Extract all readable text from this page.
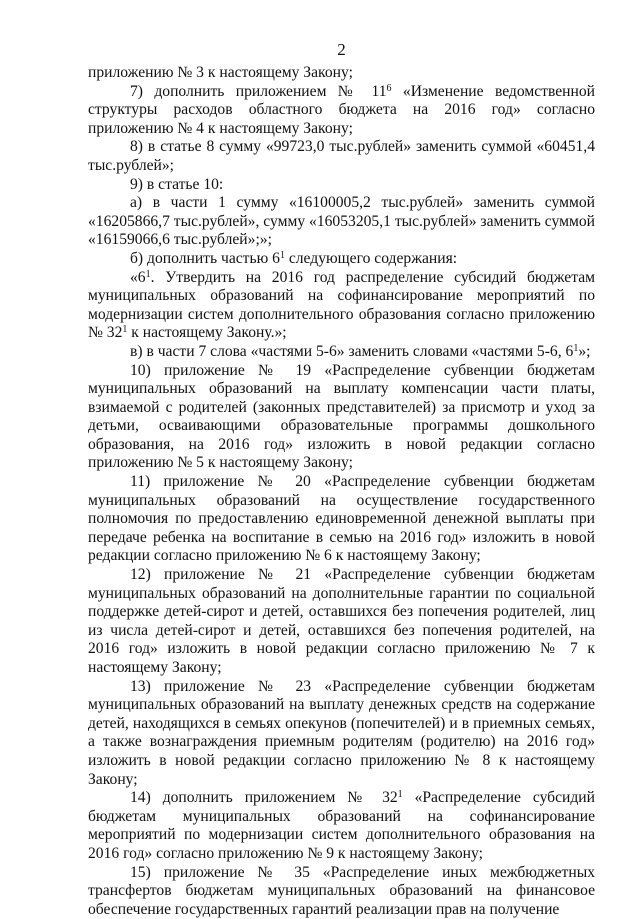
2

приложению № 3 к настоящему Закону;

7) дополнить приложением № $11^6$ «Изменение ведомственной структуры расходов областного бюджета на 2016 год» согласно приложению № 4 к настоящему Закону;

8) в статье 8 сумму «99723,0 тыс.рублей» заменить суммой «60451,4 тыс.рублей»;

9) в статье 10:

а) в части 1 сумму «16100005,2 тыс.рублей» заменить суммой «16205866,7 тыс.рублей», сумму «16053205,1 тыс.рублей» заменить суммой «16159066,6 тыс.рублей»;»;

б) дополнить частью $6^1$ следующего содержания:

«$6^1$. Утвердить на 2016 год распределение субсидий бюджетам муниципальных образований на софинансирование мероприятий по модернизации систем дополнительного образования согласно приложению № $32^1$ к настоящему Закону.»;

в) в части 7 слова «частями 5-6» заменить словами «частями 5-6, $6^1$»;

10) приложение № 19 «Распределение субвенции бюджетам муниципальных образований на выплату компенсации части платы, взимаемой с родителей (законных представителей) за присмотр и уход за детьми, осваивающими образовательные программы дошкольного образования, на 2016 год» изложить в новой редакции согласно приложению № 5 к настоящему Закону;

11) приложение № 20 «Распределение субвенции бюджетам муниципальных образований на осуществление государственного полномочия по предоставлению единовременной денежной выплаты при передаче ребенка на воспитание в семью на 2016 год» изложить в новой редакции согласно приложению № 6 к настоящему Закону;

12) приложение № 21 «Распределение субвенции бюджетам муниципальных образований на дополнительные гарантии по социальной поддержке детей-сирот и детей, оставшихся без попечения родителей, лиц из числа детей-сирот и детей, оставшихся без попечения родителей, на 2016 год» изложить в новой редакции согласно приложению № 7 к настоящему Закону;

13) приложение № 23 «Распределение субвенции бюджетам муниципальных образований на выплату денежных средств на содержание детей, находящихся в семьях опекунов (попечителей) и в приемных семьях, а также вознаграждения приемным родителям (родителю) на 2016 год» изложить в новой редакции согласно приложению № 8 к настоящему Закону;

14) дополнить приложением № $32^1$ «Распределение субсидий бюджетам муниципальных образований на софинансирование мероприятий по модернизации систем дополнительного образования на 2016 год» согласно приложению № 9 к настоящему Закону;

15) приложение № 35 «Распределение иных межбюджетных трансфертов бюджетам муниципальных образований на финансовое обеспечение государственных гарантий реализации прав на получение
